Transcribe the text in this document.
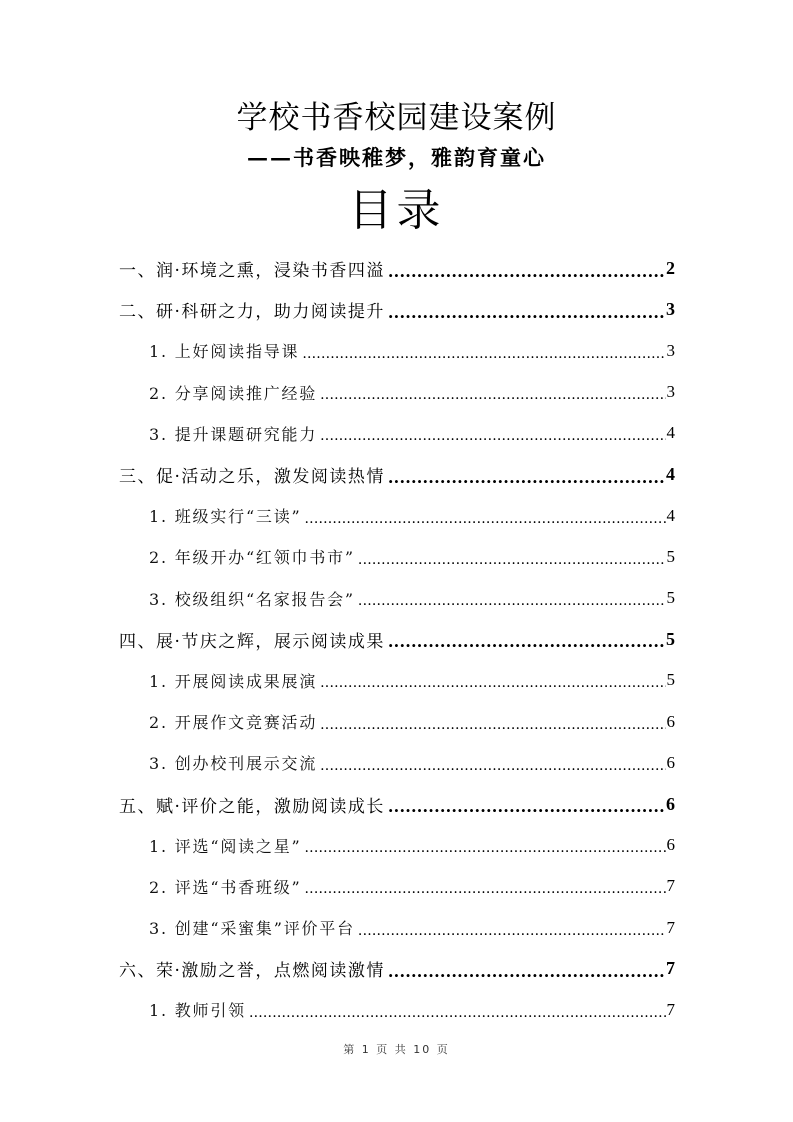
学校书香校园建设案例
——书香映稚梦，雅韵育童心
目录
一、润·环境之熏，浸染书香四溢 .....	2
二、研·科研之力，助力阅读提升 .....	3
1. 上好阅读指导课 .....	3
2. 分享阅读推广经验 .....	3
3. 提升课题研究能力 .....	4
三、促·活动之乐，激发阅读热情 .....	4
1. 班级实行“三读” .....	4
2. 年级开办“红领巾书市” .....	5
3. 校级组织“名家报告会” .....	5
四、展·节庆之辉，展示阅读成果 .....	5
1. 开展阅读成果展演 .....	5
2. 开展作文竞赛活动 .....	6
3. 创办校刊展示交流 .....	6
五、赋·评价之能，激励阅读成长 .....	6
1. 评选“阅读之星” .....	6
2. 评选“书香班级” .....	7
3. 创建“采蜜集”评价平台 .....	7
六、荣·激励之誉，点燃阅读激情 .....	7
1. 教师引领 .....	7
第 1 页 共 10 页
